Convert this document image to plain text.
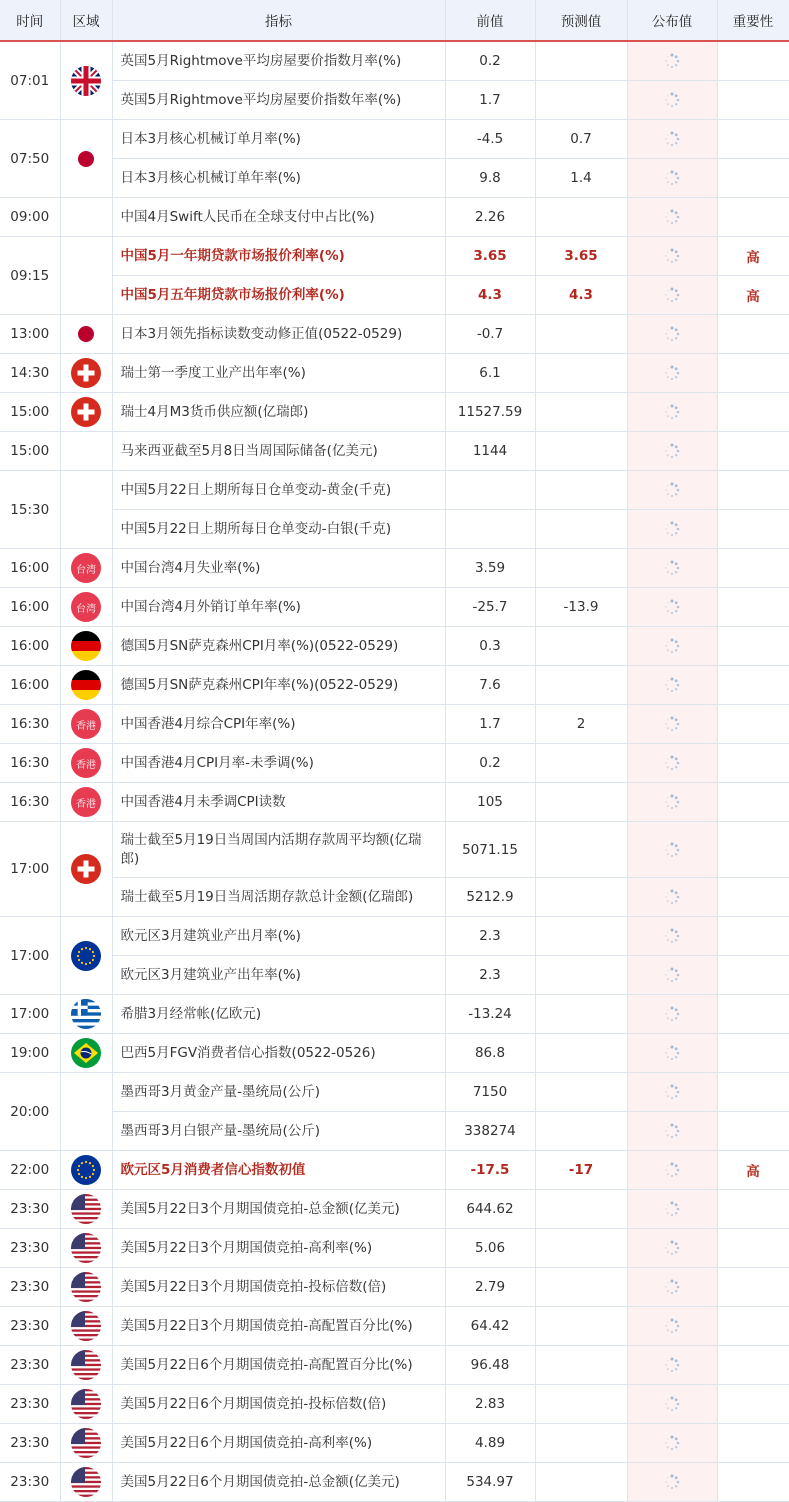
时间	区域	指标	前值	预测值	公布值	重要性
07:01		英国5月Rightmove平均房屋要价指数月率(%)	0.2			
		英国5月Rightmove平均房屋要价指数年率(%)	1.7			
07:50		日本3月核心机械订单月率(%)	-4.5	0.7		
		日本3月核心机械订单年率(%)	9.8	1.4		
09:00		中国4月Swift人民币在全球支付中占比(%)	2.26			
09:15		中国5月一年期贷款市场报价利率(%)	3.65	3.65		高
		中国5月五年期贷款市场报价利率(%)	4.3	4.3		高
13:00		日本3月领先指标读数变动修正值(0522-0529)	-0.7			
14:30		瑞士第一季度工业产出年率(%)	6.1			
15:00		瑞士4月M3货币供应额(亿瑞郎)	11527.59			
15:00		马来西亚截至5月8日当周国际储备(亿美元)	1144			
15:30		中国5月22日上期所每日仓单变动-黄金(千克)				
		中国5月22日上期所每日仓单变动-白银(千克)				
16:00	台湾	中国台湾4月失业率(%)	3.59			
16:00	台湾	中国台湾4月外销订单年率(%)	-25.7	-13.9		
16:00		德国5月SN萨克森州CPI月率(%)(0522-0529)	0.3			
16:00		德国5月SN萨克森州CPI年率(%)(0522-0529)	7.6			
16:30	香港	中国香港4月综合CPI年率(%)	1.7	2		
16:30	香港	中国香港4月CPI月率-未季调(%)	0.2			
16:30	香港	中国香港4月未季调CPI读数	105			
17:00		瑞士截至5月19日当周国内活期存款周平均额(亿瑞郎)	5071.15			
		瑞士截至5月19日当周活期存款总计金额(亿瑞郎)	5212.9			
17:00		欧元区3月建筑业产出月率(%)	2.3			
		欧元区3月建筑业产出年率(%)	2.3			
17:00		希腊3月经常帐(亿欧元)	-13.24			
19:00		巴西5月FGV消费者信心指数(0522-0526)	86.8			
20:00		墨西哥3月黄金产量-墨统局(公斤)	7150			
		墨西哥3月白银产量-墨统局(公斤)	338274			
22:00		欧元区5月消费者信心指数初值	-17.5	-17		高
23:30		美国5月22日3个月期国债竞拍-总金额(亿美元)	644.62			
23:30		美国5月22日3个月期国债竞拍-高利率(%)	5.06			
23:30		美国5月22日3个月期国债竞拍-投标倍数(倍)	2.79			
23:30		美国5月22日3个月期国债竞拍-高配置百分比(%)	64.42			
23:30		美国5月22日6个月期国债竞拍-高配置百分比(%)	96.48			
23:30		美国5月22日6个月期国债竞拍-投标倍数(倍)	2.83			
23:30		美国5月22日6个月期国债竞拍-高利率(%)	4.89			
23:30		美国5月22日6个月期国债竞拍-总金额(亿美元)	534.97			
